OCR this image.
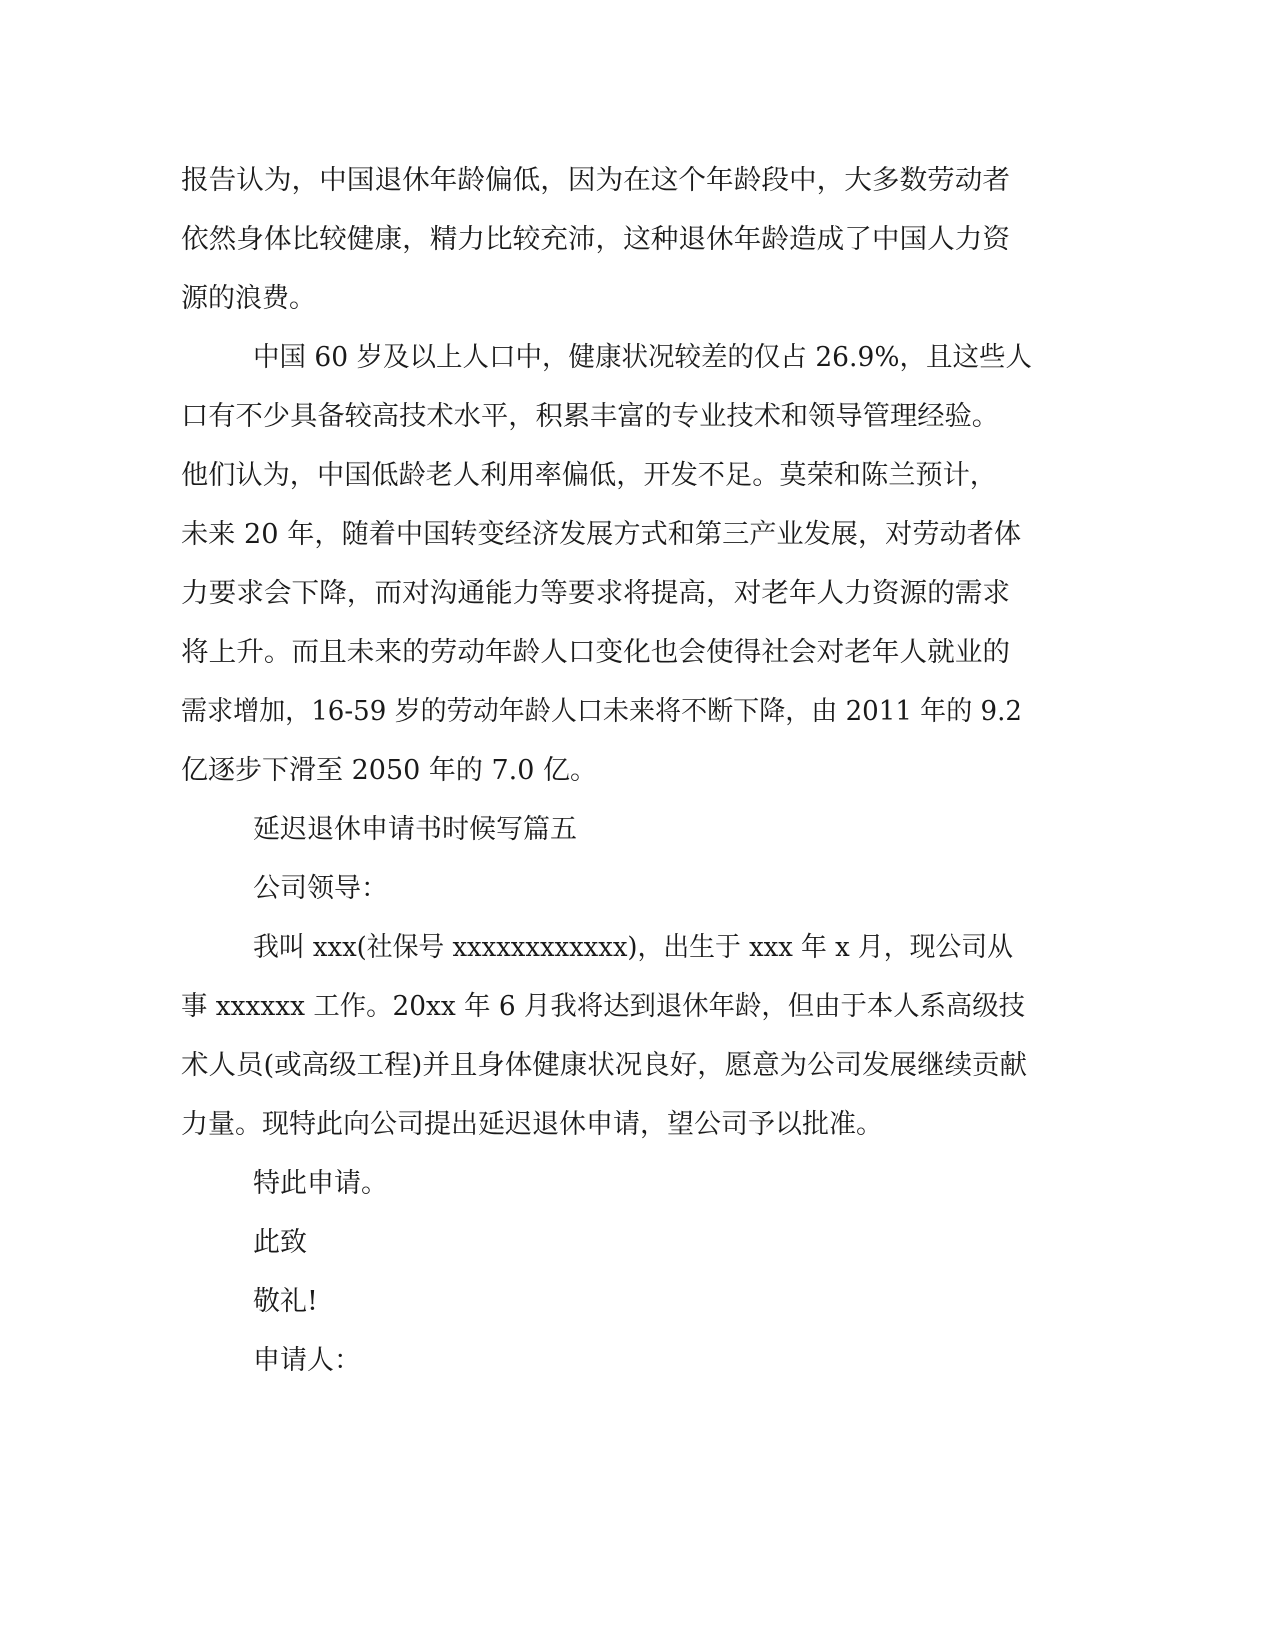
报告认为，中国退休年龄偏低，因为在这个年龄段中，大多数劳动者
依然身体比较健康，精力比较充沛，这种退休年龄造成了中国人力资
源的浪费。
中国 60 岁及以上人口中，健康状况较差的仅占 26.9%，且这些人
口有不少具备较高技术水平，积累丰富的专业技术和领导管理经验。
他们认为，中国低龄老人利用率偏低，开发不足。莫荣和陈兰预计，
未来 20 年，随着中国转变经济发展方式和第三产业发展，对劳动者体
力要求会下降，而对沟通能力等要求将提高，对老年人力资源的需求
将上升。而且未来的劳动年龄人口变化也会使得社会对老年人就业的
需求增加，16-59 岁的劳动年龄人口未来将不断下降，由 2011 年的 9.2
亿逐步下滑至 2050 年的 7.0 亿。
延迟退休申请书时候写篇五
公司领导：
我叫 xxx(社保号 xxxxxxxxxxxx)，出生于 xxx 年 x 月，现公司从
事 xxxxxx 工作。20xx 年 6 月我将达到退休年龄，但由于本人系高级技
术人员(或高级工程)并且身体健康状况良好，愿意为公司发展继续贡献
力量。现特此向公司提出延迟退休申请，望公司予以批准。
特此申请。
此致
敬礼!
申请人：
